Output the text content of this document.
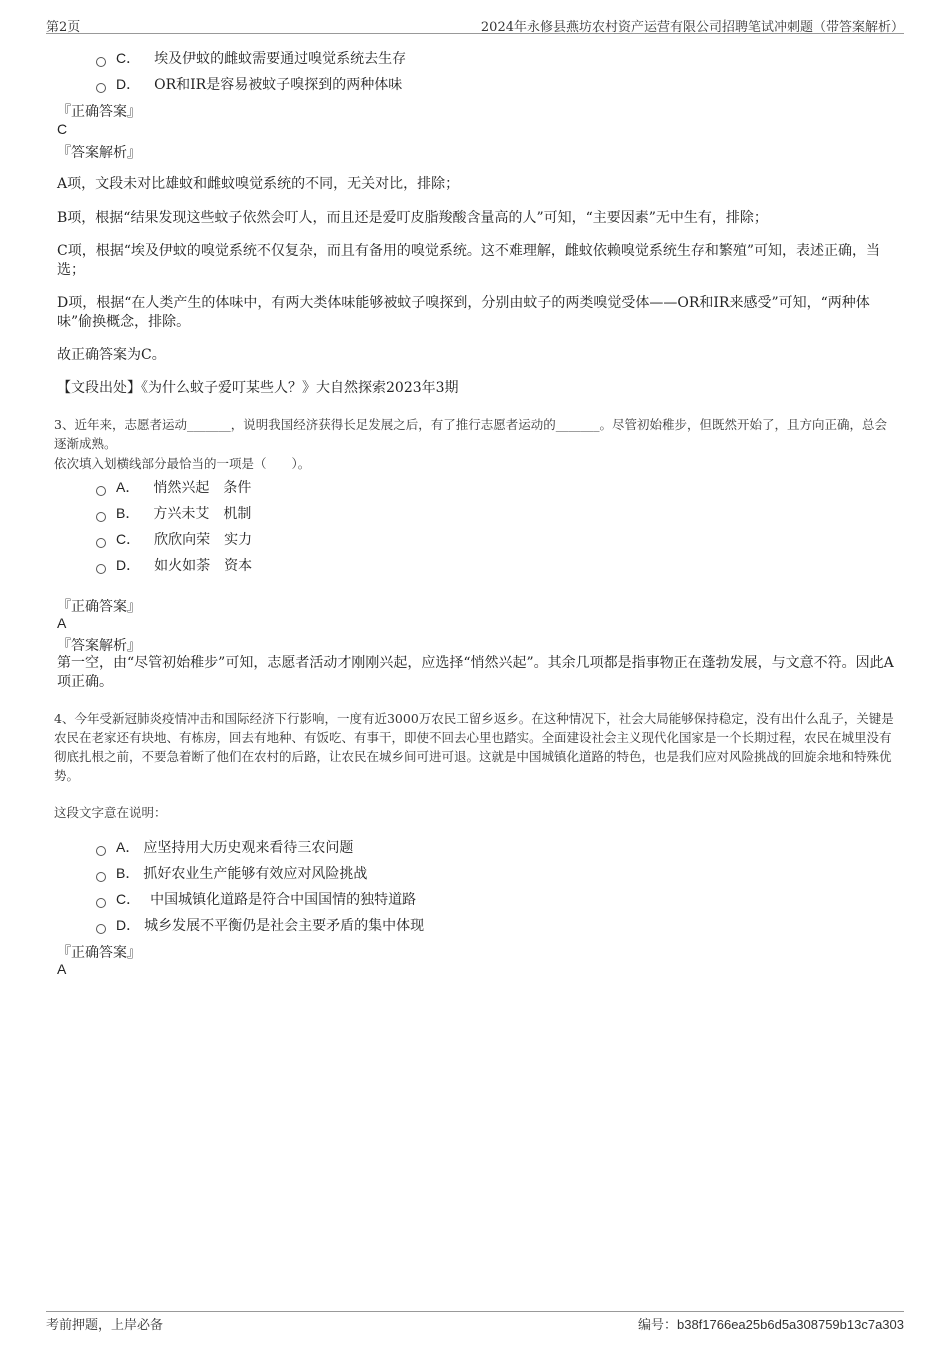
第2页	2024年永修县燕坊农村资产运营有限公司招聘笔试冲刺题（带答案解析）
C． 埃及伊蚊的雌蚊需要通过嗅觉系统去生存
D． OR和IR是容易被蚊子嗅探到的两种体味
『正确答案』
C
『答案解析』
A项，文段未对比雄蚊和雌蚊嗅觉系统的不同，无关对比，排除；
B项，根据“结果发现这些蚊子依然会叮人，而且还是爱叮皮脂羧酸含量高的人”可知，“主要因素”无中生有，排除；
C项，根据“埃及伊蚊的嗅觉系统不仅复杂，而且有备用的嗅觉系统。这不难理解，雌蚊依赖嗅觉系统生存和繁殖”可知，表述正确，当选；
D项，根据“在人类产生的体味中，有两大类体味能够被蚊子嗅探到，分别由蚊子的两类嗅觉受体——OR和IR来感受”可知，“两种体味”偷换概念，排除。
故正确答案为C。
【文段出处】《为什么蚊子爱叮某些人？》大自然探索2023年3期
3、近年来，志愿者运动_______，说明我国经济获得长足发展之后，有了推行志愿者运动的_______。尽管初始稚步，但既然开始了，且方向正确，总会逐渐成熟。
依次填入划横线部分最恰当的一项是（　　）。
A． 悄然兴起　条件
B． 方兴未艾　机制
C． 欣欣向荣　实力
D． 如火如荼　资本
『正确答案』
A
『答案解析』
第一空，由“尽管初始稚步”可知，志愿者活动才刚刚兴起，应选择“悄然兴起”。其余几项都是指事物正在蓬勃发展，与文意不符。因此A项正确。
4、今年受新冠肺炎疫情冲击和国际经济下行影响，一度有近3000万农民工留乡返乡。在这种情况下，社会大局能够保持稳定，没有出什么乱子，关键是农民在老家还有块地、有栋房，回去有地种、有饭吃、有事干，即使不回去心里也踏实。全面建设社会主义现代化国家是一个长期过程，农民在城里没有彻底扎根之前，不要急着断了他们在农村的后路，让农民在城乡间可进可退。这就是中国城镇化道路的特色，也是我们应对风险挑战的回旋余地和特殊优势。
这段文字意在说明：
A． 应坚持用大历史观来看待三农问题
B． 抓好农业生产能够有效应对风险挑战
C． 中国城镇化道路是符合中国国情的独特道路
D． 城乡发展不平衡仍是社会主要矛盾的集中体现
『正确答案』
A
考前押题，上岸必备	编号：b38f1766ea25b6d5a308759b13c7a303
